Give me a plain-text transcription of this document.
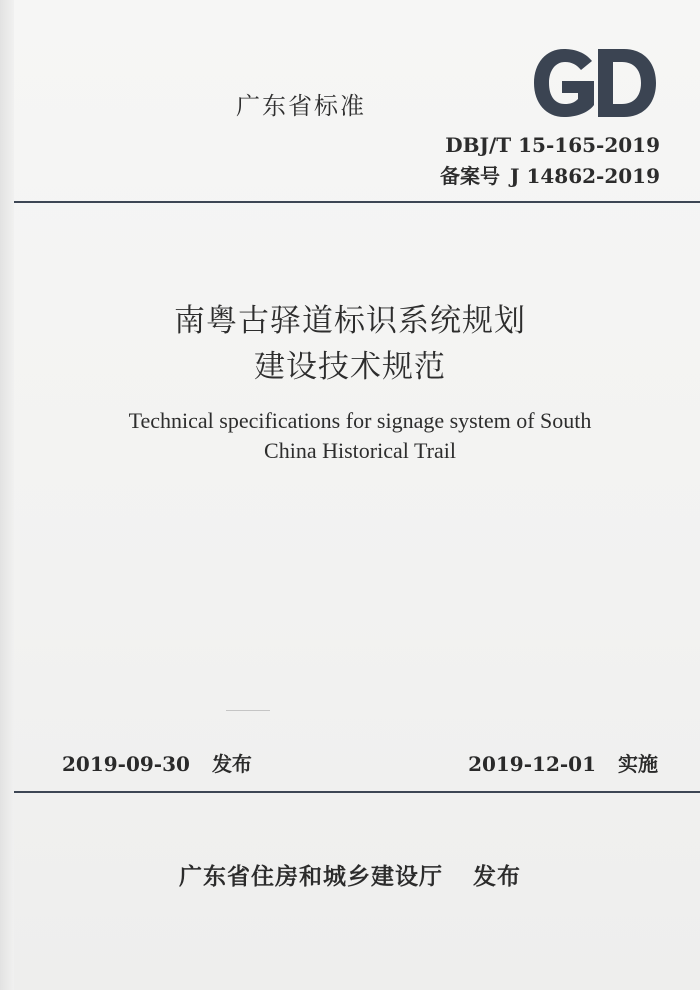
广东省标准
DBJ/T 15-165-2019
备案号 J 14862-2019
南粤古驿道标识系统规划
建设技术规范
Technical specifications for signage system of South
China Historical Trail
2019-09-30 发布	2019-12-01 实施
广东省住房和城乡建设厅 发布
